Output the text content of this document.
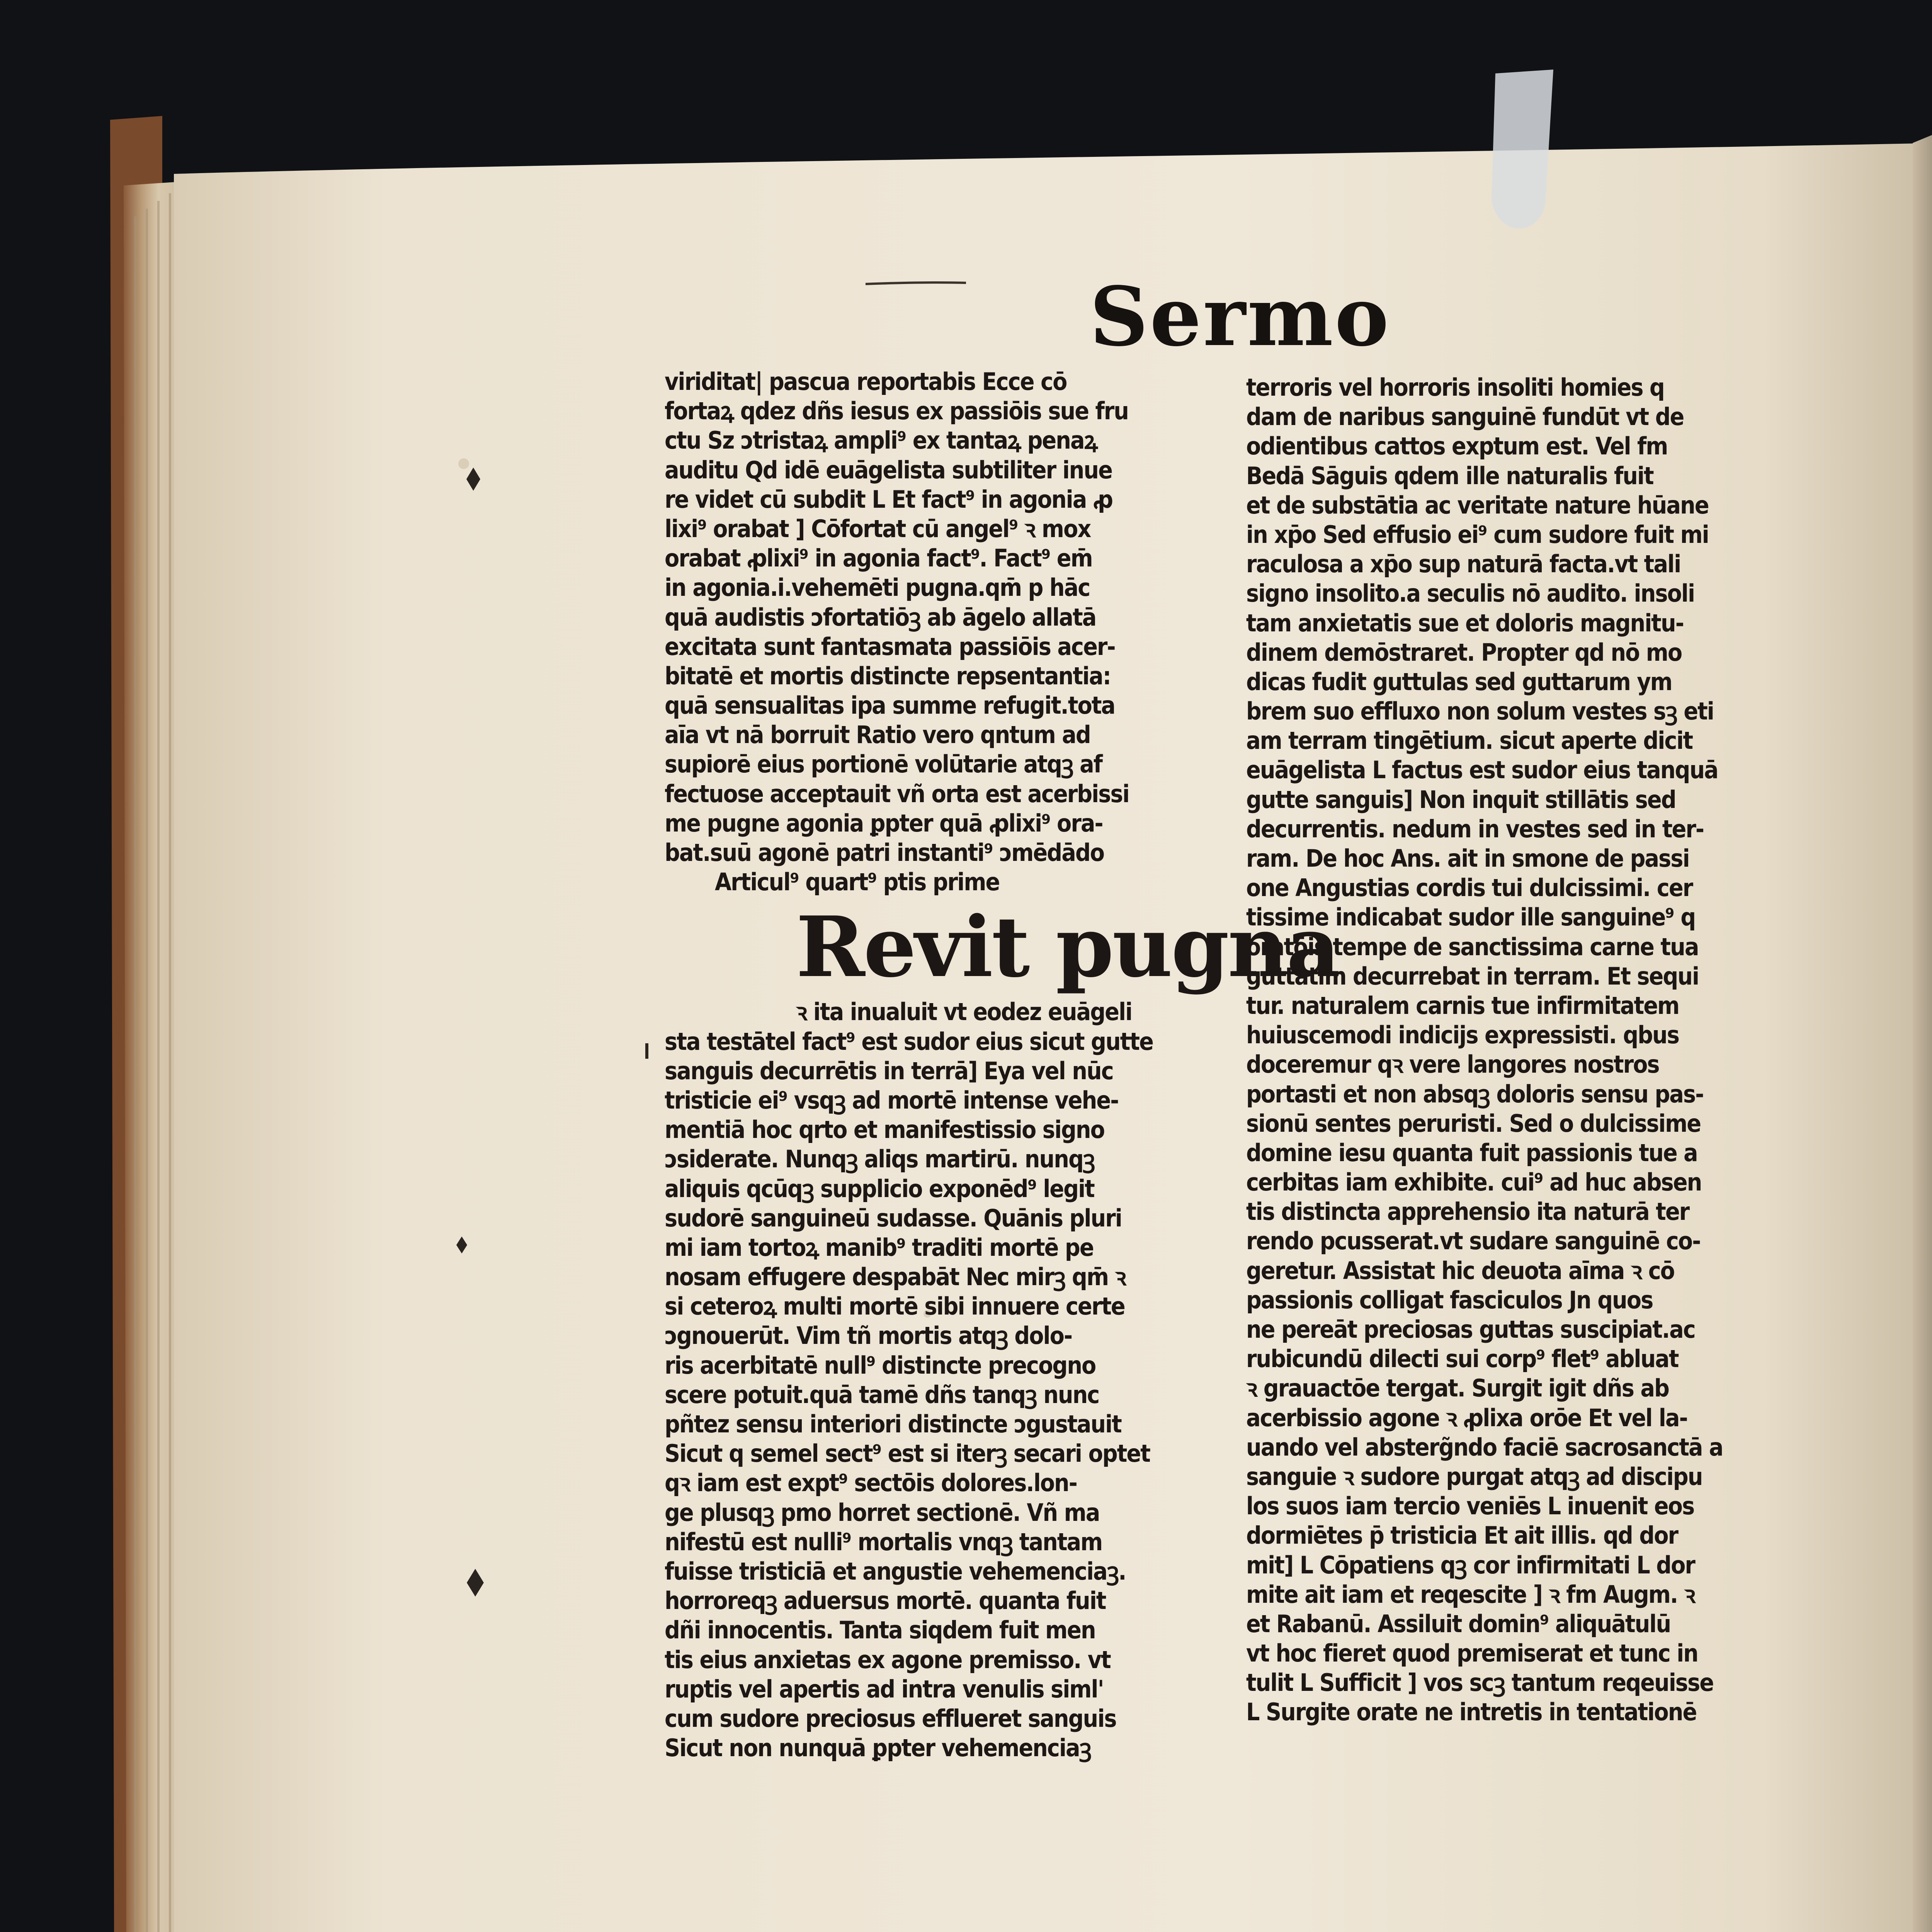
Sermo
viriditat| pascua reportabis Ecce cō
fortaꝝ qdez dñs iesus ex passiōis sue fru
ctu Sz ɔtristaꝝ ampli⁹ ex tantaꝝ penaꝝ
auditu Qd idē euāgelista subtiliter inue
re videt cū subdit L Et fact⁹ in agonia ꝓ
lixi⁹ orabat ] Cōfortat cū angel⁹ ꝛ mox
orabat ꝓlixi⁹ in agonia fact⁹. Fact⁹ em̄
in agonia.i.vehemēti pugna.qm̄ p hāc
quā audistis ɔfortatiōꝫ ab āgelo allatā
excitata sunt fantasmata passiōis acer-
bitatē et mortis distincte repsentantia:
quā sensualitas ipa summe refugit.tota
aīa vt nā borruit Ratio vero qntum ad
supiorē eius portionē volūtarie atqꝫ af
fectuose acceptauit vñ orta est acerbissi
me pugne agonia ꝑpter quā ꝓlixi⁹ ora-
bat.suū agonē patri instanti⁹ ɔmēdādo
Articul⁹ quart⁹ ptis prime
Revit pugna
ꝛ ita inualuit vt eodez euāgeli
sta testātel fact⁹ est sudor eius sicut gutte
sanguis decurrētis in terrā] Eya vel nūc
tristicie ei⁹ vsqꝫ ad mortē intense vehe-
mentiā hoc qrto et manifestissio signo
ɔsiderate. Nunqꝫ aliqs martirū. nunqꝫ
aliquis qcūqꝫ supplicio exponēd⁹ legit
sudorē sanguineū sudasse. Quānis pluri
mi iam tortoꝝ manib⁹ traditi mortē pe
nosam effugere despabāt Nec mirꝫ qm̄ ꝛ
si ceteroꝝ multi mortē sibi innuere certe
ɔgnouerūt. Vim tñ mortis atqꝫ dolo-
ris acerbitatē null⁹ distincte precogno
scere potuit.quā tamē dñs tanqꝫ nunc
pñtez sensu interiori distincte ɔgustauit
Sicut q semel sect⁹ est si iterꝫ secari optet
qꝛ iam est expt⁹ sectōis dolores.lon-
ge plusqꝫ pmo horret sectionē. Vñ ma
nifestū est nulli⁹ mortalis vnqꝫ tantam
fuisse tristiciā et angustie vehemenciaꝫ.
horroreqꝫ aduersus mortē. quanta fuit
dñi innocentis. Tanta siqdem fuit men
tis eius anxietas ex agone premisso. vt
ruptis vel apertis ad intra venulis siml'
cum sudore preciosus efflueret sanguis
Sicut non nunquā ꝑpter vehemenciaꝫ
terroris vel horroris insoliti homies q
dam de naribus sanguinē fundūt vt de
odientibus cattos exptum est. Vel fm
Bedā Sāguis qdem ille naturalis fuit
et de substātia ac veritate nature hūane
in xp̄o Sed effusio ei⁹ cum sudore fuit mi
raculosa a xp̄o sup naturā facta.vt tali
signo insolito.a seculis nō audito. insoli
tam anxietatis sue et doloris magnitu-
dinem demōstraret. Propter qd nō mo
dicas fudit guttulas sed guttarum ym
brem suo effluxo non solum vestes sꝫ eti
am terram tingētium. sicut aperte dicit
euāgelista L factus est sudor eius tanquā
gutte sanguis] Non inquit stillātis sed
decurrentis. nedum in vestes sed in ter-
ram. De hoc Ans. ait in smone de passi
one Angustias cordis tui dulcissimi. cer
tissime indicabat sudor ille sanguine⁹ q
oratōis tempe de sanctissima carne tua
guttatim decurrebat in terram. Et sequi
tur. naturalem carnis tue infirmitatem
huiuscemodi indicijs expressisti. qbus
doceremur qꝛ vere langores nostros
portasti et non absqꝫ doloris sensu pas-
sionū sentes peruristi. Sed o dulcissime
domine iesu quanta fuit passionis tue a
cerbitas iam exhibite. cui⁹ ad huc absen
tis distincta apprehensio ita naturā ter
rendo pcusserat.vt sudare sanguinē co-
geretur. Assistat hic deuota aīma ꝛ cō
passionis colligat fasciculos Jn quos
ne pereāt preciosas guttas suscipiat.ac
rubicundū dilecti sui corp⁹ flet⁹ abluat
ꝛ grauactōe tergat. Surgit igit dñs ab
acerbissio agone ꝛ ꝓlixa orōe Et vel la-
uando vel absterg̃ndo faciē sacrosanctā a
sanguie ꝛ sudore purgat atqꝫ ad discipu
los suos iam tercio veniēs L inuenit eos
dormiētes p̄ tristicia Et ait illis. qd dor
mit] L Cōpatiens qꝫ cor infirmitati L dor
mite ait iam et reqescite ] ꝛ fm Augm. ꝛ
et Rabanū. Assiluit domin⁹ aliquātulū
vt hoc fieret quod premiserat et tunc in
tulit L Sufficit ] vos scꝫ tantum reqeuisse
L Surgite orate ne intretis in tentationē
